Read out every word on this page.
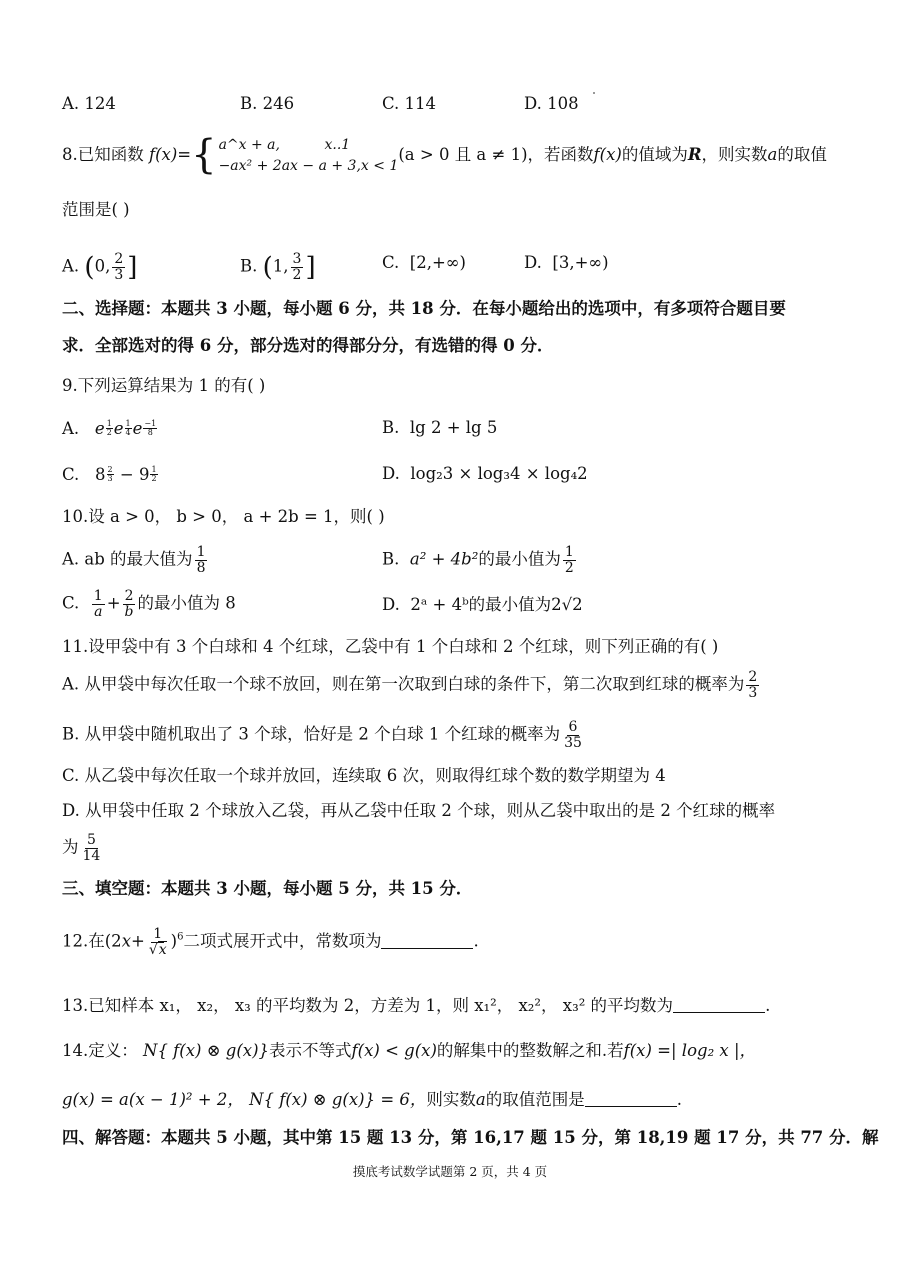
A. 124	B. 246	C. 114	D. 108
8.已知函数 f(x)={ a^x + a,	x..1
−ax² + 2ax − a + 3,x < 1
(a > 0 且 a ≠ 1)，若函数f(x)的值域为R，则实数a的取值
范围是( )
A. (0, $\frac{2}{3}$ ]	B. (1, $\frac{3}{2}$ ]	C. [2,+∞)	D. [3,+∞)
二、选择题：本题共 3 小题，每小题 6 分，共 18 分．在每小题给出的选项中，有多项符合题目要
求．全部选对的得 6 分，部分选对的得部分分，有选错的得 0 分．
9.下列运算结果为 1 的有( )
A. e $\frac{1}{2}$ e $\frac{1}{4}$ e $\frac{-1}{8}$	B. lg 2 + lg 5
C.   $8 \frac{2}{3} - 9 \frac{1}{2}$	D. log₂3 × log₃4 × log₄2
10.设 a > 0， b > 0， a + 2b = 1，则( )
A. ab 的最大值为 $\frac{1}{8}$	B. a² + 4b²的最小值为 $\frac{1}{2}$
C. $\frac{1}{a} + \frac{2}{b}$ 的最小值为 8	D. 2ᵃ + 4ᵇ的最小值为2√2
11.设甲袋中有 3 个白球和 4 个红球，乙袋中有 1 个白球和 2 个红球，则下列正确的有( )
A. 从甲袋中每次任取一个球不放回，则在第一次取到白球的条件下，第二次取到红球的概率为 $\frac{2}{3}$
B. 从甲袋中随机取出了 3 个球，恰好是 2 个白球 1 个红球的概率为 $\frac{6}{35}$
C. 从乙袋中每次任取一个球并放回，连续取 6 次，则取得红球个数的数学期望为 4
D. 从甲袋中任取 2 个球放入乙袋，再从乙袋中任取 2 个球，则从乙袋中取出的是 2 个红球的概率
为 $\frac{5}{14}$
三、填空题：本题共 3 小题，每小题 5 分，共 15 分．
12.在$(2x+ \frac{1}{√x} )^6$二项式展开式中，常数项为	.
13.已知样本 x₁， x₂， x₃ 的平均数为 2，方差为 1，则 x₁²， x₂²， x₃² 的平均数为	.
14.定义： N{ f(x) ⊗ g(x)}表示不等式f(x) < g(x)的解集中的整数解之和.若f(x) =| log₂ x |，
g(x) = a(x − 1)² + 2， N{ f(x) ⊗ g(x)} = 6，则实数a的取值范围是	.
四、解答题：本题共 5 小题，其中第 15 题 13 分，第 16,17 题 15 分，第 18,19 题 17 分，共 77 分．解
摸底考试数学试题第 2 页，共 4 页
